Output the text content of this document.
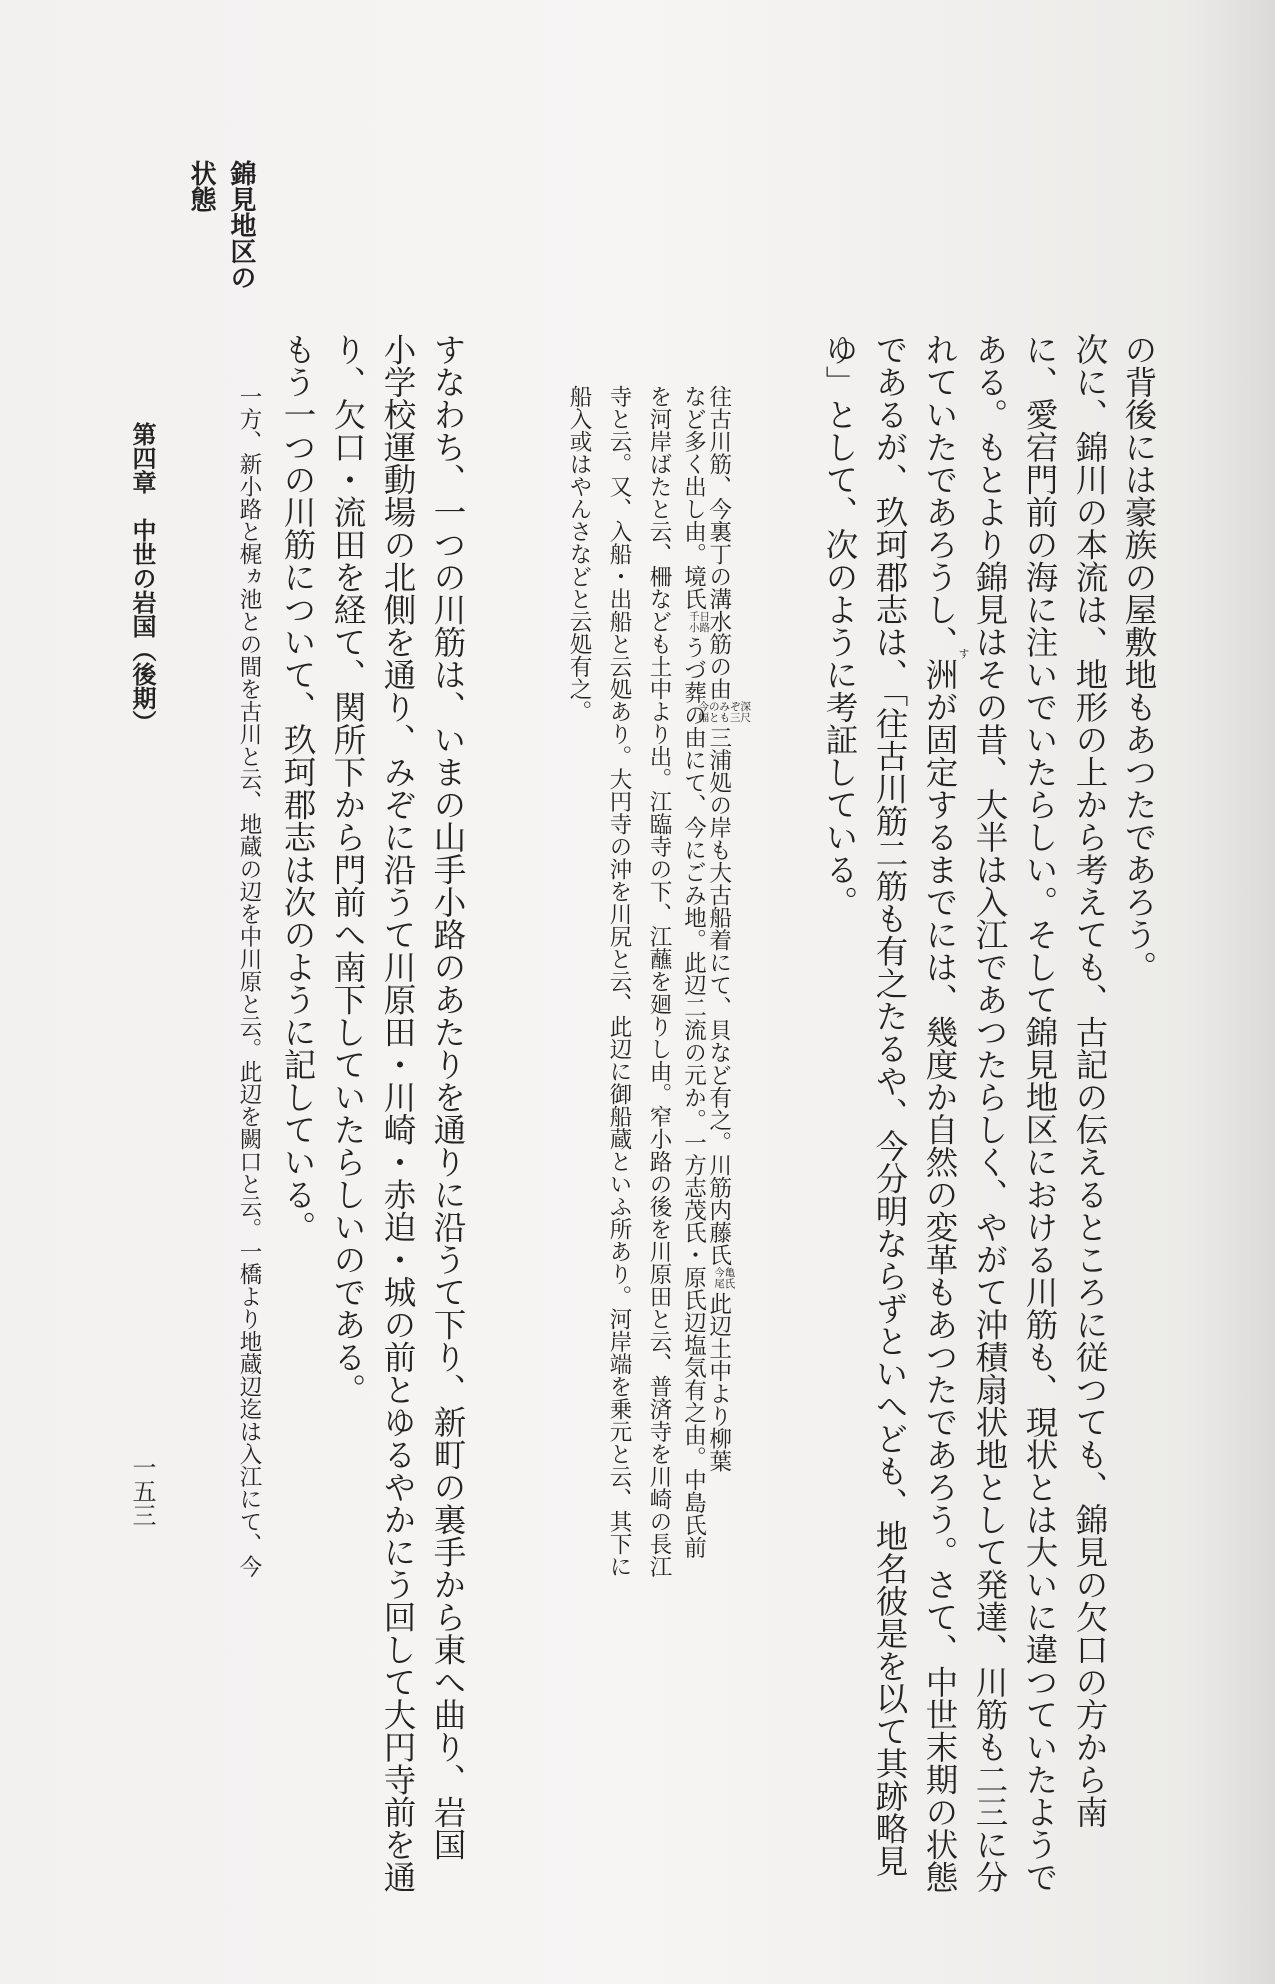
錦見地区の
状態
の背後には豪族の屋敷地もあつたであろう。
次に、錦川の本流は、地形の上から考えても、古記の伝えるところに従つても、錦見の欠口の方から南
に、愛宕門前の海に注いでいたらしい。そして錦見地区における川筋も、現状とは大いに違つていたようで
ある。もとより錦見はその昔、大半は入江であつたらしく、やがて沖積扇状地として発達、川筋も二三に分
れていたであろうし、洲
す
が固定するまでには、幾度か自然の変革もあつたであろう。さて、中世末期の状態
であるが、玖珂郡志は、「往古川筋二筋も有之たるや、今分明ならずといへども、地名彼是を以て其跡略見
ゆ」として、次のように考証している。
往古川筋、今裏丁の溝水筋の由今のみぞ深
幅とも三尺三浦処の岸も大古船着にて、貝など有之。川筋内藤氏今亀
尾氏此辺土中より柳葉
など多く出し由。境氏千日
小路うづ葬の由にて、今にごみ地。此辺二流の元か。一方志茂氏・原氏辺塩気有之由。中島氏前
を河岸ばたと云、柵なども土中より出。江臨寺の下、江蘸を廻りし由。窄小路の後を川原田と云、普済寺を川崎の長江
寺と云。又、入船・出船と云処あり。大円寺の沖を川尻と云、此辺に御船蔵といふ所あり。河岸端を乗元と云、其下に
船入或はやんさなどと云処有之。
すなわち、一つの川筋は、いまの山手小路のあたりを通りに沿うて下り、新町の裏手から東へ曲り、岩国
小学校運動場の北側を通り、みぞに沿うて川原田・川崎・赤迫・城の前とゆるやかにう回して大円寺前を通
り、欠口・流田を経て、関所下から門前へ南下していたらしいのである。
もう一つの川筋について、玖珂郡志は次のように記している。
一方、新小路と梶ヵ池との間を古川と云、地蔵の辺を中川原と云。此辺を闕口と云。一橋より地蔵辺迄は入江にて、今
第四章　中世の岩国（後期）
一五三
